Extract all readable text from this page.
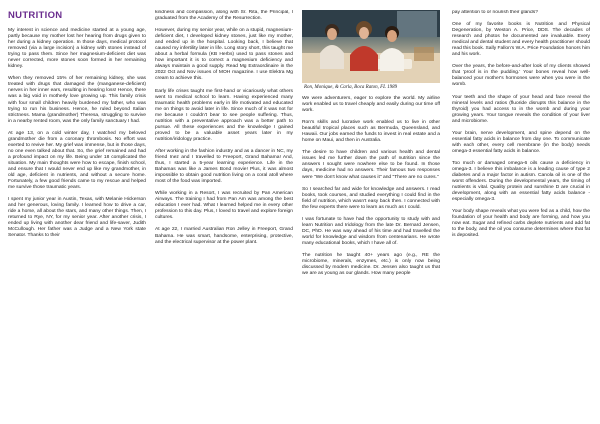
NUTRITION

My interest in science and medicine started at a young age, partly because my mother lost her hearing from drugs given to her during a kidney operation. In those days, medical protocol removed (via a large incision) a kidney with stones instead of trying to pass them. Since her magnesium-deficient diet was never corrected, more stones soon formed in her remaining kidney.

When they removed 15% of her remaining kidney, she was treated with drugs that damaged the (manganese-deficient) nerves in her inner ears, resulting in hearing loss! Hence, there was a big void in motherly love growing up. This family crisis with four small children heavily burdened my father, who was trying to run his business. Hence, he ruled beyond Italian strictness. Mama (grandmother) Theresa, struggling to survive in a nearby rented room, was the only family sanctuary I had.

At age 13, on a cold winter day, I watched my beloved grandmother die from a coronary thrombosis. No effort was exerted to revive her. My grief was immense, but in those days, no one even talked about that. So, the grief remained and had a profound impact on my life. Being under 18 complicated the situation. My main thoughts were how to escape, finish school, and ensure that I would never end up like my grandmother, in old age, deficient in nutrients, and without a secure home. Fortunately, a few good friends came to my rescue and helped me survive those traumatic years.

I spent my junior year in Austin, Texas, with Melanie Hickerson and her generous, loving family. I learned how to drive a car, ride a horse, all about the stars, and many other things. Then, I returned to Rye, NY, for my senior year. After another crisis, I ended up living with another dear friend and life-saver, Judith McCullough. Her father was a Judge and a New York state Senator. Thanks to their

kindness and compassion, along with Sr. Rita, the Principal, I graduated from the Academy of the Resurrection.

However, during my senior year, while on a stupid, magnesium-deficient diet, I developed kidney stones, just like my mother, and ended up in the hospital. Looking back, I believe that caused my infertility later in life. Long story short, this taught me about a herbal formula (KB Herbs) used to pass stones and how important it is to correct a magnesium deficiency and always maintain a good supply. Read Mg Extraordinaire in the 2022 Oct and Nov issues of MOH magazine. I use Elektra Mg cream to achieve this.

Early life crises taught me first-hand or vicariously what others went to medical school to learn. Having experienced many traumatic health problems early in life motivated and educated me on things to avoid later in life. Since much of it was not for me because I couldn't bear to see people suffering. Thus, nutrition with a preventative approach was a better path to pursue. All these experiences and the knowledge I gained proved to be a valuable asset years later in my nutrition/iridology practice.

After working in the fashion industry and as a dancer in NC, my friend Inez and I travelled to Freeport, Grand Bahama! And, thus, I started a 5-year learning experience. Life in the Bahamas was like a James Bond movie! Plus, it was almost impossible to obtain good nutrition living on a coral atoll where most of the food was imported.

While working in a Resort, I was recruited by Pan American Airways. The training I had from Pan Am was among the best education I ever had. What I learned helped me in every other profession to this day. Plus, I loved to travel and explore foreign cultures.

At age 22, I married Australian Ron Jelley in Freeport, Grand Bahama. He was smart, handsome, enterprising, protective, and the electrical supervisor at the power plant.

Ron, Monique, & Carla, Boca Raton, FL 1989

We were adventurers, eager to explore the world. My airline work enabled us to travel cheaply and easily during our time off work.

Ron's skills and lucrative work enabled us to live in other beautiful tropical places such as Bermuda, Queensland, and Hawaii. Our jobs earned the funds to invest in real estate and a home on Maui, and then in Australia.

The desire to have children and various health and dental issues led me further down the path of nutrition since the answers I sought were nowhere else to be found. In those days, medicine had no answers. Their famous two responses were "We don't know what causes it" and "There are no cures."

So I searched far and wide for knowledge and answers. I read books, took courses, and studied everything I could find in the field of nutrition, which wasn't easy back then. I connected with the few experts there were to learn as much as I could.

I was fortunate to have had the opportunity to study with and learn Nutrition and Iridology from the late Dr. Bernard Jensen, DC, PhD. He was way ahead of his time and had travelled the world for knowledge and wisdom from centenarians. He wrote many educational books, which I have all of.

The nutrition he taught 40+ years ago (e.g., RE the microbiome, minerals, enzymes, etc.) is only now being discussed by modern medicine. Dr. Jensen also taught us that we are as young as our glands. How many people

pay attention to or nourish their glands?

One of my favorite books is Nutrition and Physical Degeneration, by Weston A. Price, DDS. The decades of research and photos he documented are invaluable. Every medical and dental student and every health practitioner should read this book. Sally Fallon's W.A. Price Foundation honors him and his work.

Over the years, the before-and-after look of my clients showed that 'proof is in the pudding.' Your bones reveal how well-balanced your mother's hormones were when you were in the womb.

Your teeth and the shape of your head and face reveal the mineral levels and ratios (fluoride disrupts this balance in the thyroid) you had access to in the womb and during your growing years. Your tongue reveals the condition of your liver and microbiome.

Your brain, nerve development, and spine depend on the essential fatty acids in balance from day one. To communicate with each other, every cell membrane (in the body) needs omega-3 essential fatty acids in balance.

Too much or damaged omega-6 oils cause a deficiency in omega-3. I believe this imbalance is a leading cause of type 2 diabetes and a major factor in autism. Canola oil is one of the worst offenders. During the developmental years, the timing of nutrients is vital. Quality protein and sunshine D are crucial in development, along with an essential fatty acids balance - especially omega-3.

Your body shape reveals what you were fed as a child, how the foundation of your health and body are forming, and how you now eat. Sugar and refined carbs deplete nutrients and add fat to the body, and the oil you consume determines where that fat is deposited.
